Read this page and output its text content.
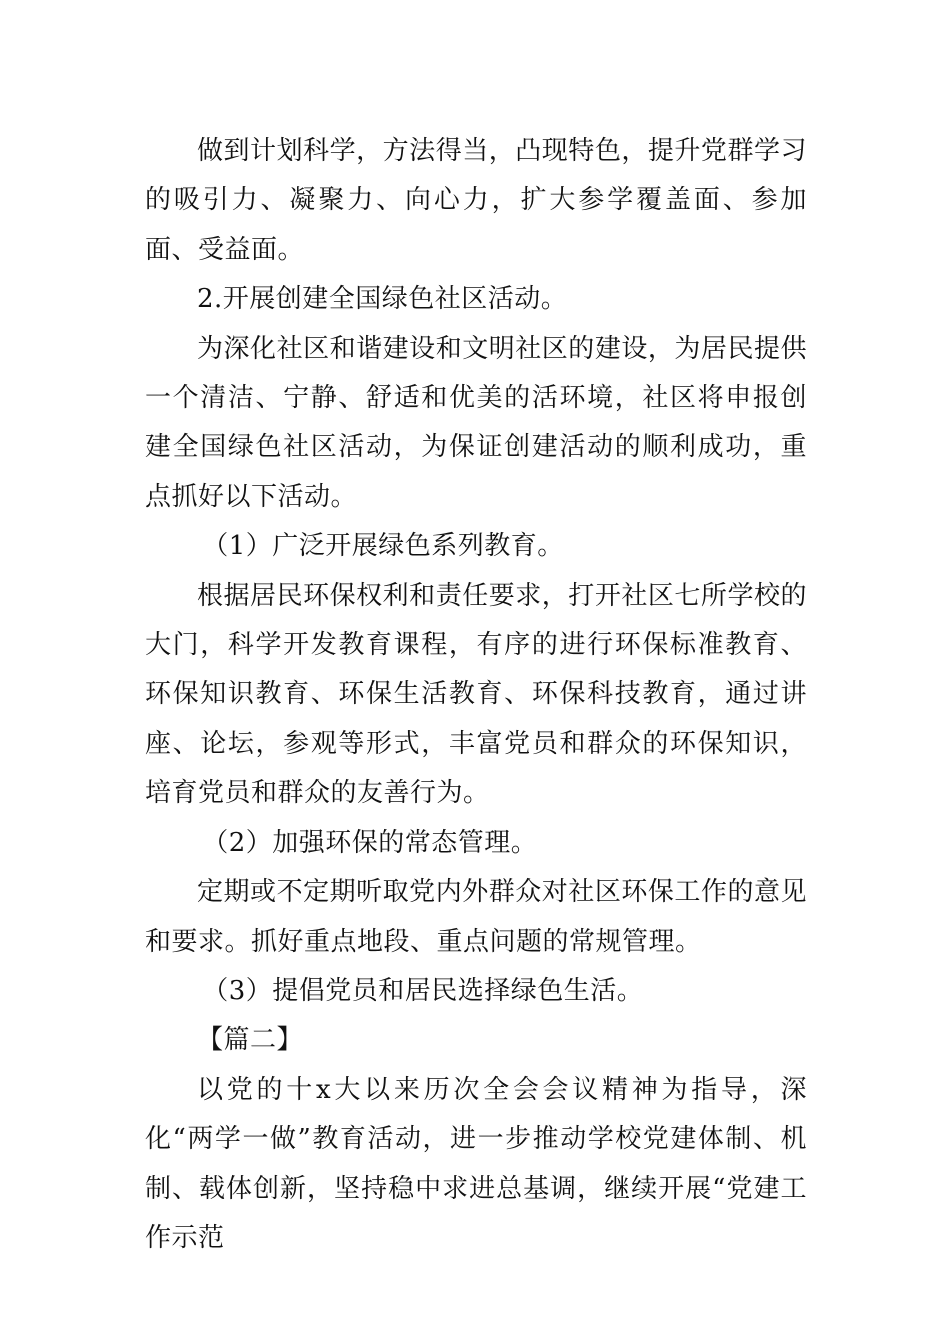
做到计划科学，方法得当，凸现特色，提升党群学习的吸引力、凝聚力、向心力，扩大参学覆盖面、参加面、受益面。

2.开展创建全国绿色社区活动。

为深化社区和谐建设和文明社区的建设，为居民提供一个清洁、宁静、舒适和优美的活环境，社区将申报创建全国绿色社区活动，为保证创建活动的顺利成功，重点抓好以下活动。

（1）广泛开展绿色系列教育。

根据居民环保权利和责任要求，打开社区七所学校的大门，科学开发教育课程，有序的进行环保标准教育、环保知识教育、环保生活教育、环保科技教育，通过讲座、论坛，参观等形式，丰富党员和群众的环保知识，培育党员和群众的友善行为。

（2）加强环保的常态管理。

定期或不定期听取党内外群众对社区环保工作的意见和要求。抓好重点地段、重点问题的常规管理。

（3）提倡党员和居民选择绿色生活。

【篇二】

以党的十x大以来历次全会会议精神为指导，深化“两学一做”教育活动，进一步推动学校党建体制、机制、载体创新，坚持稳中求进总基调，继续开展“党建工作示范
